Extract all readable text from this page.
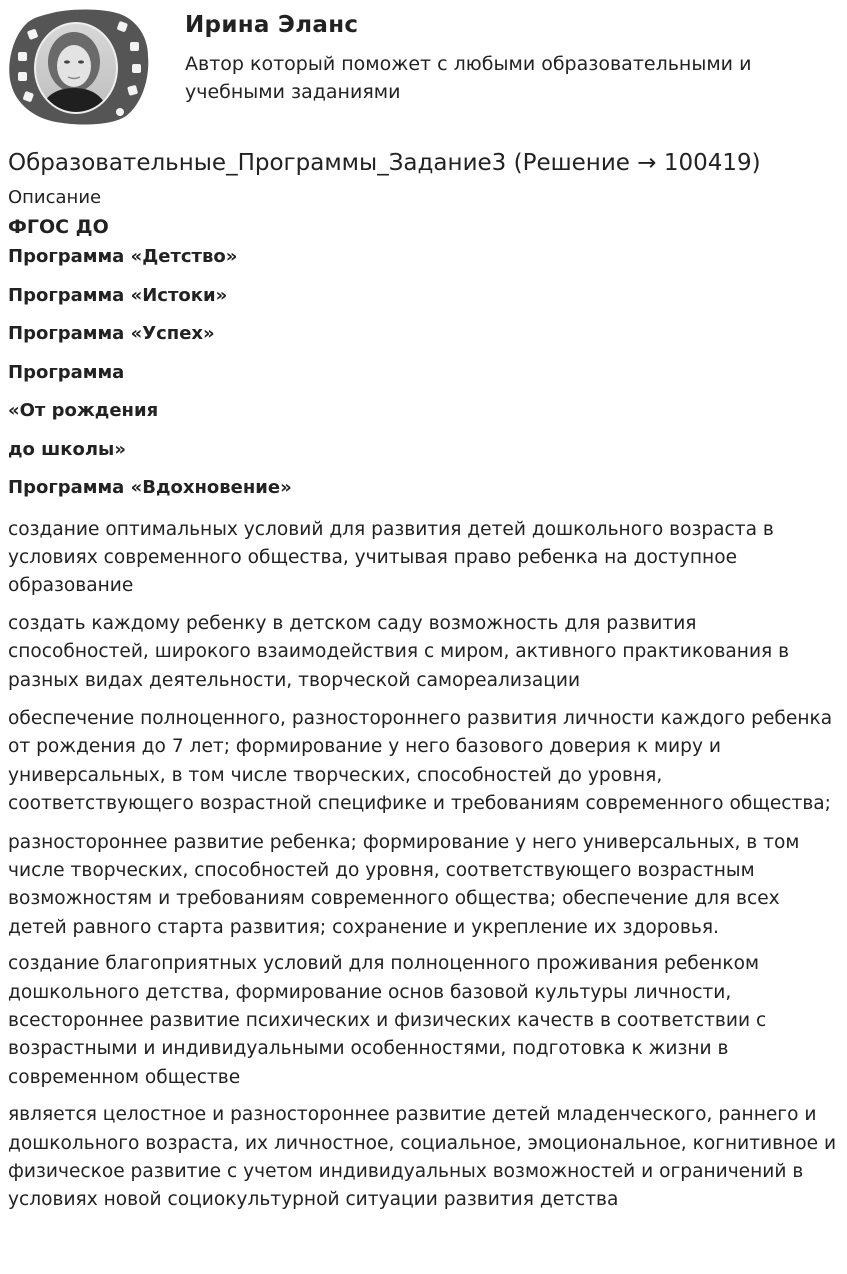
Ирина Эланс
Автор который поможет с любыми образовательными и учебными заданиями
Образовательные_Программы_Задание3 (Решение → 100419)
Описание
ФГОС ДО
Программа «Детство»
Программа «Истоки»
Программа «Успех»
Программа
«От рождения
до школы»
Программа «Вдохновение»

создание оптимальных условий для развития детей дошкольного возраста в условиях современного общества, учитывая право ребенка на доступное образование

создать каждому ребенку в детском саду возможность для развития способностей, широкого взаимодействия с миром, активного практикования в разных видах деятельности, творческой самореализации

обеспечение полноценного, разностороннего развития личности каждого ребенка от рождения до 7 лет; формирование у него базового доверия к миру и универсальных, в том числе творческих, способностей до уровня, соответствующего возрастной специфике и требованиям современного общества;

разностороннее развитие ребенка; формирование у него универсальных, в том числе творческих, способностей до уровня, соответствующего возрастным возможностям и требованиям современного общества; обеспечение для всех детей равного старта развития; сохранение и укрепление их здоровья.

создание благоприятных условий для полноценного проживания ребенком дошкольного детства, формирование основ базовой культуры личности, всестороннее развитие психических и физических качеств в соответствии с возрастными и индивидуальными особенностями, подготовка к жизни в современном обществе

является целостное и разностороннее развитие детей младенческого, раннего и дошкольного возраста, их личностное, социальное, эмоциональное, когнитивное и физическое развитие с учетом индивидуальных возможностей и ограничений в условиях новой социокультурной ситуации развития детства
